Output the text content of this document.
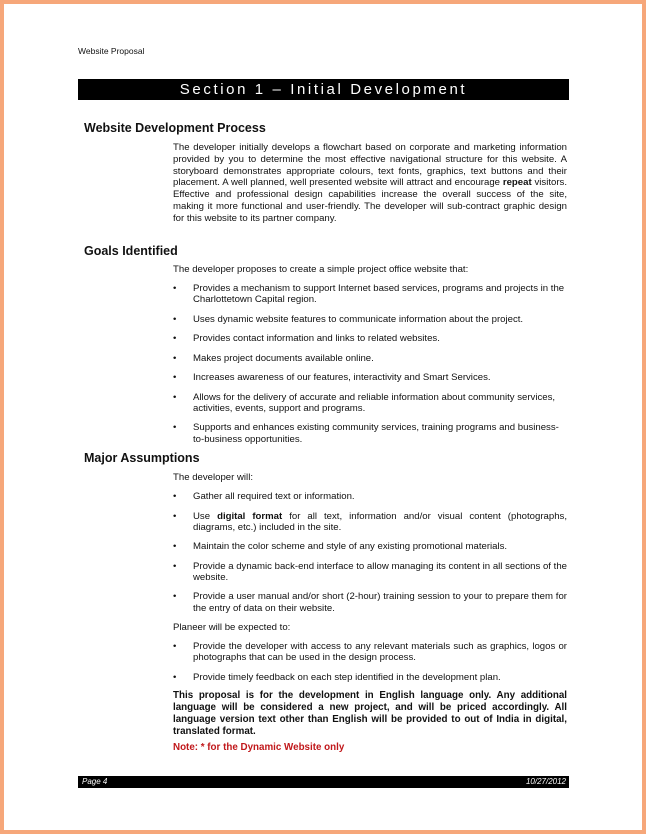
Website Proposal
Section 1 – Initial Development
Website Development Process
The developer initially develops a flowchart based on corporate and marketing information provided by you to determine the most effective navigational structure for this website. A storyboard demonstrates appropriate colours, text fonts, graphics, text buttons and their placement. A well planned, well presented website will attract and encourage repeat visitors. Effective and professional design capabilities increase the overall success of the site, making it more functional and user-friendly. The developer will sub-contract graphic design for this website to its partner company.
Goals Identified
The developer proposes to create a simple project office website that:
• Provides a mechanism to support Internet based services, programs and projects in the Charlottetown Capital region.
• Uses dynamic website features to communicate information about the project.
• Provides contact information and links to related websites.
• Makes project documents available online.
• Increases awareness of our features, interactivity and Smart Services.
• Allows for the delivery of accurate and reliable information about community services, activities, events, support and programs.
• Supports and enhances existing community services, training programs and business-to-business opportunities.
Major Assumptions
The developer will:
• Gather all required text or information.
• Use digital format for all text, information and/or visual content (photographs, diagrams, etc.) included in the site.
• Maintain the color scheme and style of any existing promotional materials.
• Provide a dynamic back-end interface to allow managing its content in all sections of the website.
• Provide a user manual and/or short (2-hour) training session to your to prepare them for the entry of data on their website.
Planeer will be expected to:
• Provide the developer with access to any relevant materials such as graphics, logos or photographs that can be used in the design process.
• Provide timely feedback on each step identified in the development plan.
This proposal is for the development in English language only. Any additional language will be considered a new project, and will be priced accordingly. All language version text other than English will be provided to out of India in digital, translated format.
Note: * for the Dynamic Website only
Page 4	10/27/2012
